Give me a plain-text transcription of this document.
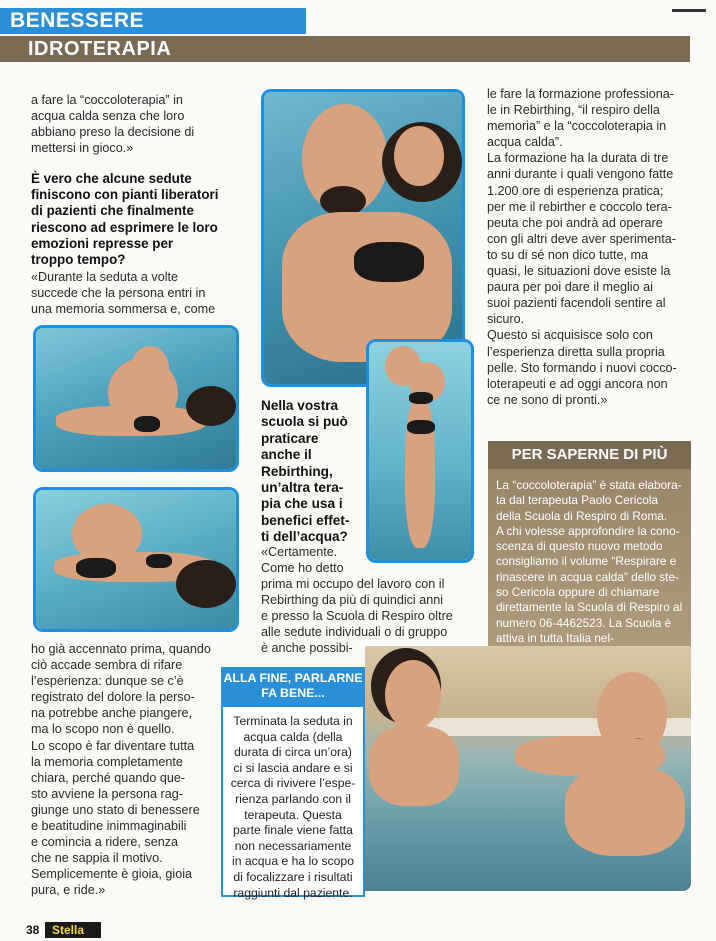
BENESSERE
IDROTERAPIA
a fare la “coccoloterapia” in
acqua calda senza che loro
abbiano preso la decisione di
mettersi in gioco.»
È vero che alcune sedute
finiscono con pianti liberatori
di pazienti che finalmente
riescono ad esprimere le loro
emozioni represse per
troppo tempo?
«Durante la seduta a volte
succede che la persona entri in
una memoria sommersa e, come
ho già accennato prima, quando
ciò accade sembra di rifare
l’esperienza: dunque se c’è
registrato del dolore la perso-
na potrebbe anche piangere,
ma lo scopo non è quello.
Lo scopo è far diventare tutta
la memoria completamente
chiara, perché quando que-
sto avviene la persona rag-
giunge uno stato di benessere
e beatitudine inimmaginabili
e comincia a ridere, senza
che ne sappia il motivo.
Semplicemente è gioia, gioia
pura, e ride.»
Nella vostra
scuola si può
praticare
anche il
Rebirthing,
un’altra tera-
pia che usa i
benefici effet-
ti dell’acqua?
«Certamente.
Come ho detto
prima mi occupo del lavoro con il
Rebirthing da più di quindici anni
e presso la Scuola di Respiro oltre
alle sedute individuali o di gruppo
è anche possibi-
le fare la formazione professiona-
le in Rebirthing, “il respiro della
memoria” e la “coccoloterapia in
acqua calda”.
La formazione ha la durata di tre
anni durante i quali vengono fatte
1.200 ore di esperienza pratica;
per me il rebirther e coccolo tera-
peuta che poi andrà ad operare
con gli altri deve aver sperimenta-
to su di sé non dico tutte, ma
quasi, le situazioni dove esiste la
paura per poi dare il meglio ai
suoi pazienti facendoli sentire al
sicuro.
Questo si acquisisce solo con
l’esperienza diretta sulla propria
pelle. Sto formando i nuovi cocco-
loterapeuti e ad oggi ancora non
ce ne sono di pronti.»
PER SAPERNE DI PIÙ
La “coccoloterapia” è stata elabora-
ta dal terapeuta Paolo Cericola
della Scuola di Respiro di Roma.
A chi volesse approfondire la cono-
scenza di questo nuovo metodo
consigliamo il volume “Respirare e
rinascere in acqua calda” dello ste-
so Cericola oppure di chiamare
direttamente la Scuola di Respiro al
numero 06-4462523. La Scuola è
attiva in tutta Italia nel-

ALLA FINE, PARLARNE
FA BENE...
Terminata la seduta in
acqua calda (della
durata di circa un’ora)
ci si lascia andare e si
cerca di rivivere l’espe-
rienza parlando con il
terapeuta. Questa
parte finale viene fatta
non necessariamente
in acqua e ha lo scopo
di focalizzare i risultati
raggiunti dal paziente.
38	Stella
